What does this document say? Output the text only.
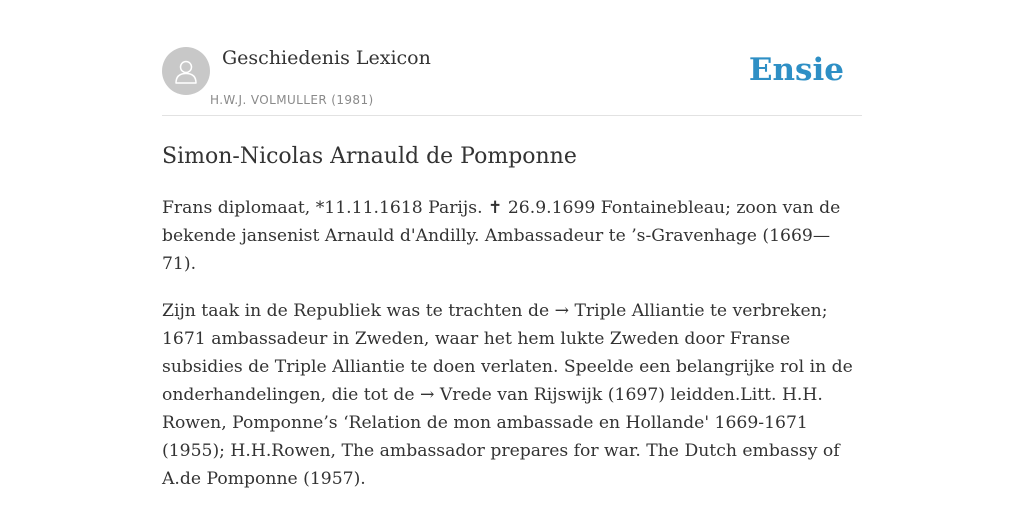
Geschiedenis Lexicon
H.W.J. VOLMULLER (1981)
Ensie
Simon-Nicolas Arnauld de Pomponne

Frans diplomaat, *11.11.1618 Parijs. ✝ 26.9.1699 Fontainebleau; zoon van de bekende jansenist Arnauld d'Andilly. Ambassadeur te ’s-Gravenhage (1669—71).

Zijn taak in de Republiek was te trachten de → Triple Alliantie te verbreken; 1671 ambassadeur in Zweden, waar het hem lukte Zweden door Franse subsidies de Triple Alliantie te doen verlaten. Speelde een belangrijke rol in de onderhandelingen, die tot de → Vrede van Rijswijk (1697) leidden.Litt. H.H. Rowen, Pomponne’s ‘Relation de mon ambassade en Hollande' 1669-1671 (1955); H.H.Rowen, The ambassador prepares for war. The Dutch embassy of A.de Pomponne (1957).
